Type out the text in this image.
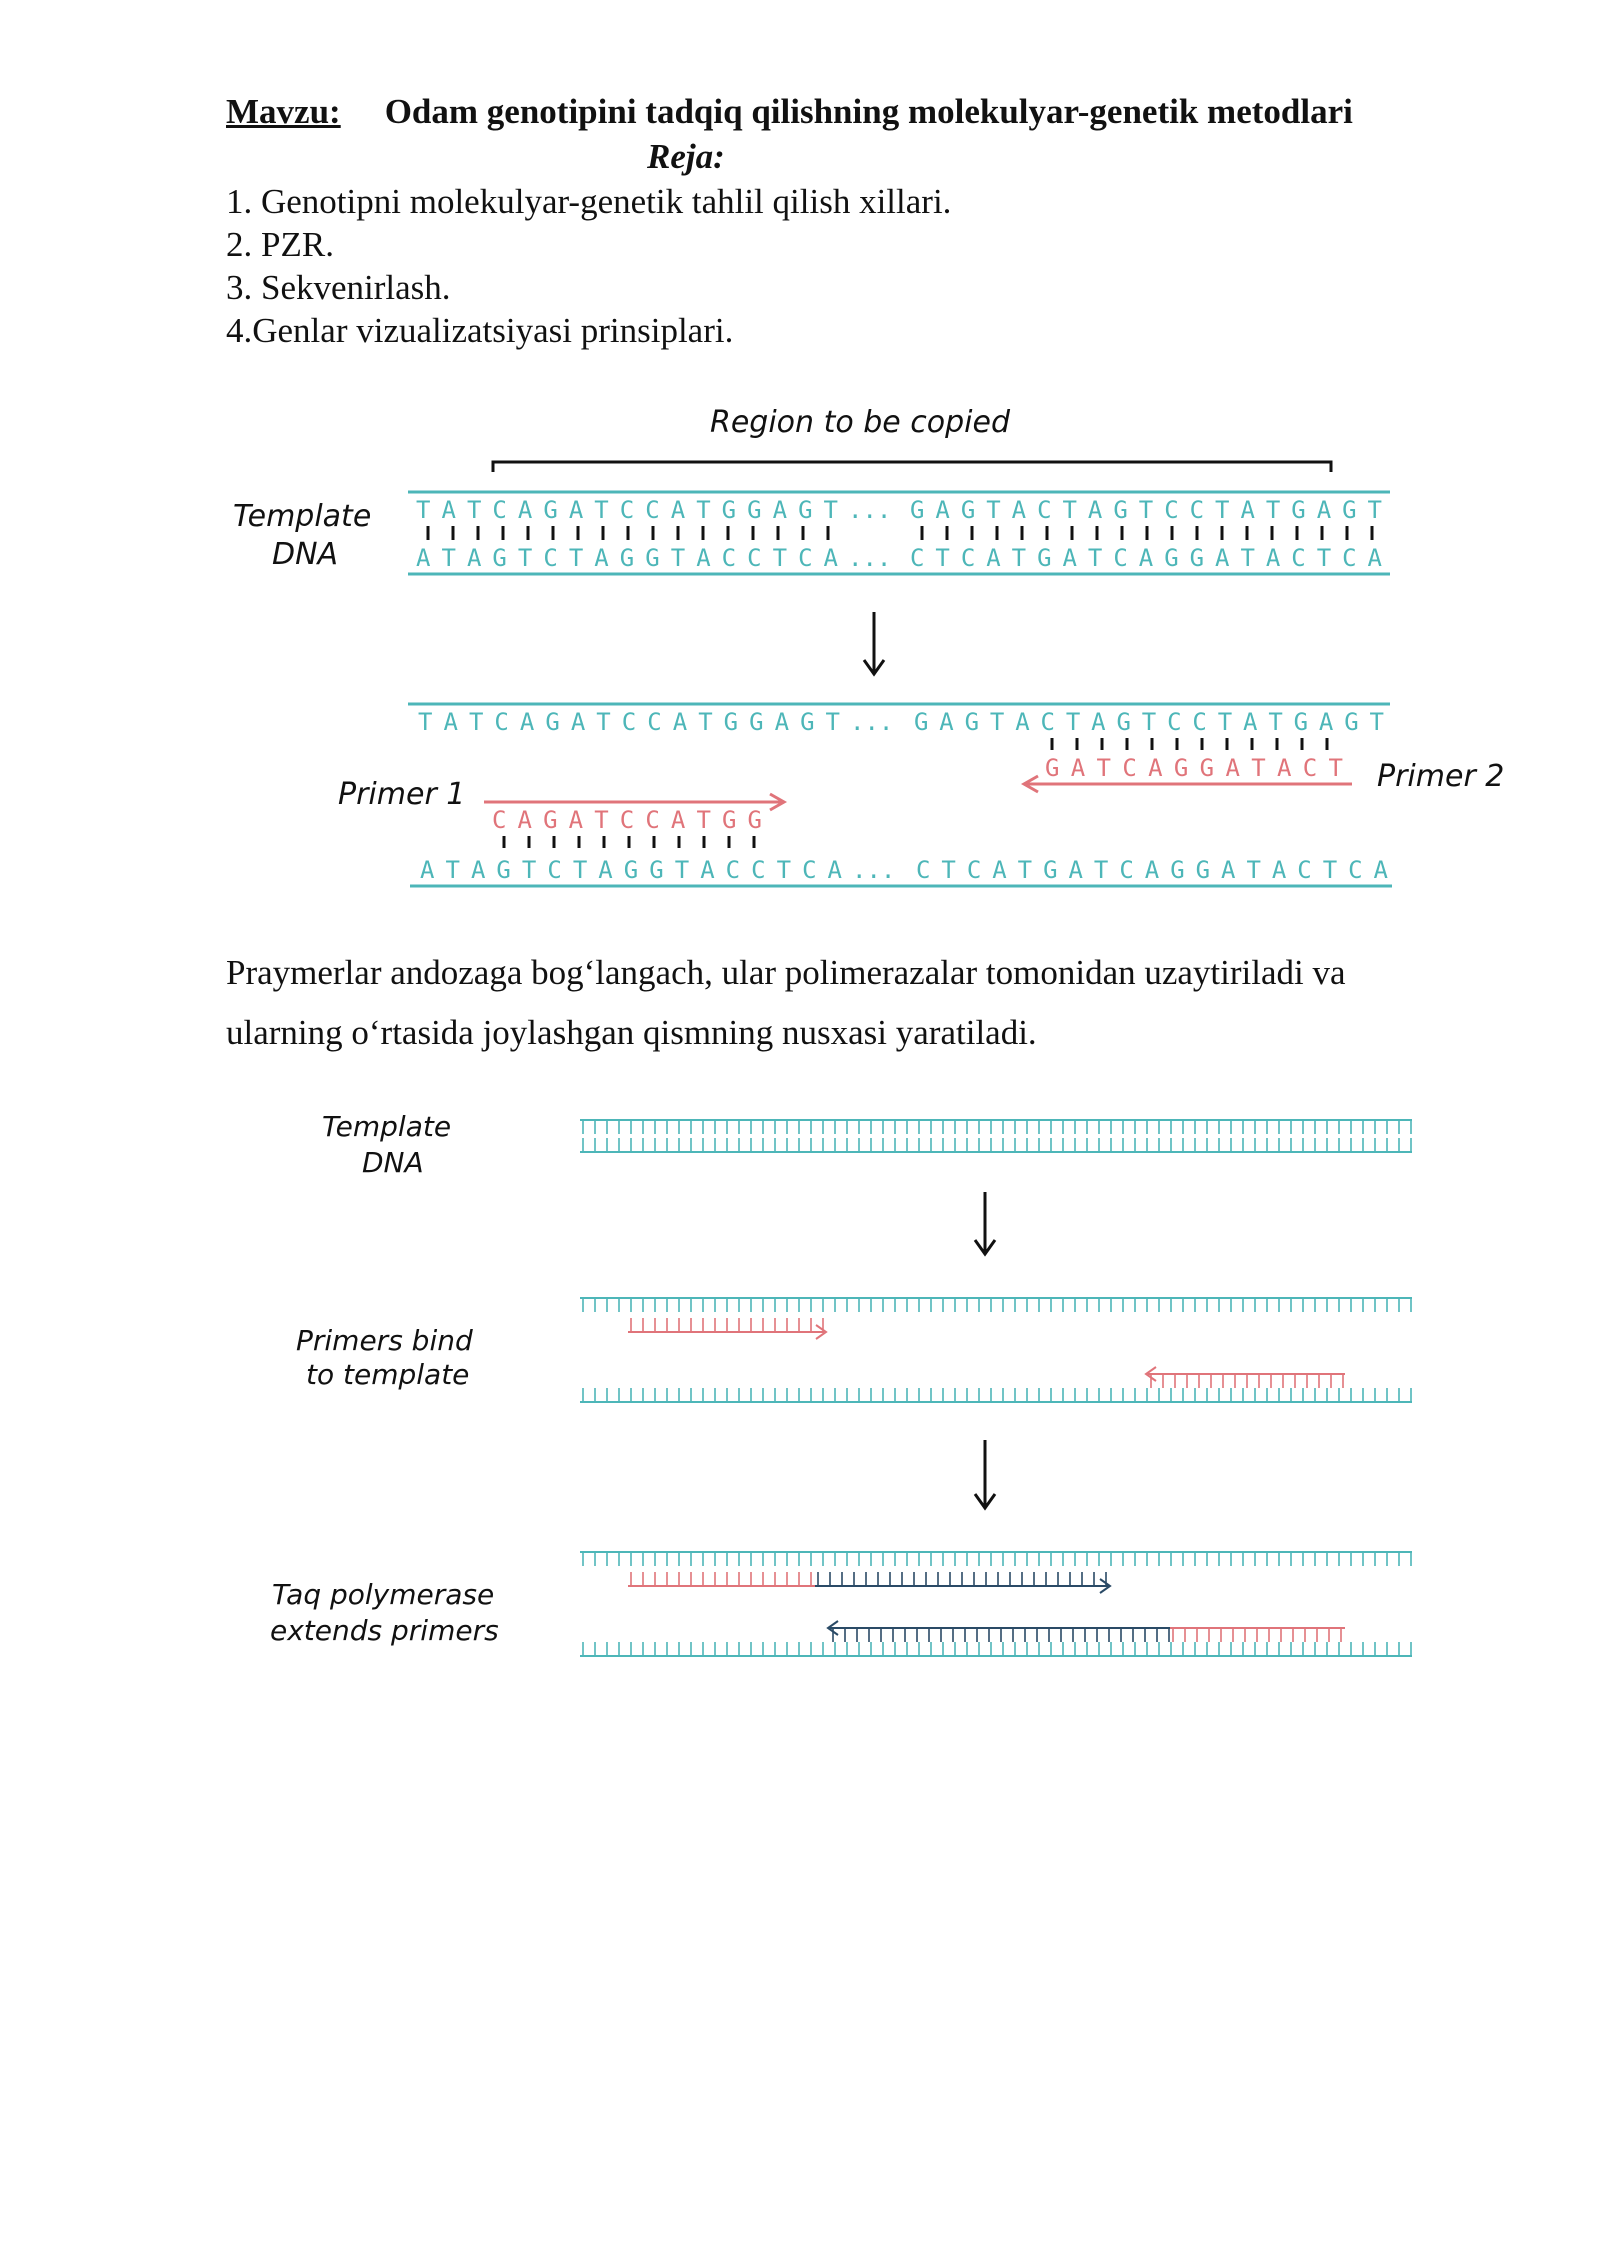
Mavzu: Odam genotipini tadqiq qilishning molekulyar-genetik metodlari
Reja:
1. Genotipni molekulyar-genetik tahlil qilish xillari.
2. PZR.
3. Sekvenirlash.
4.Genlar vizualizatsiyasi prinsiplari.
Region to be copied
Template DNA
TATCAGATCCATGGAGT ... GAGTACTAGTCCTATGAGT
ATAGTCTAGGTACCTCA ... CTCATGATCAGGATACTCA
TATCAGATCCATGGAGT ... GAGTACTAGTCCTATGAGT
GATCAGGATACT Primer 2
Primer 1
CAGATCCATGG
ATAGTCTAGGTACCTCA ... CTCATGATCAGGATACTCA

Praymerlar andozaga bog‘langach, ular polimerazalar tomonidan uzaytiriladi va ularning o‘rtasida joylashgan qismning nusxasi yaratiladi.

Template DNA
Primers bind to template
Taq polymerase extends primers
